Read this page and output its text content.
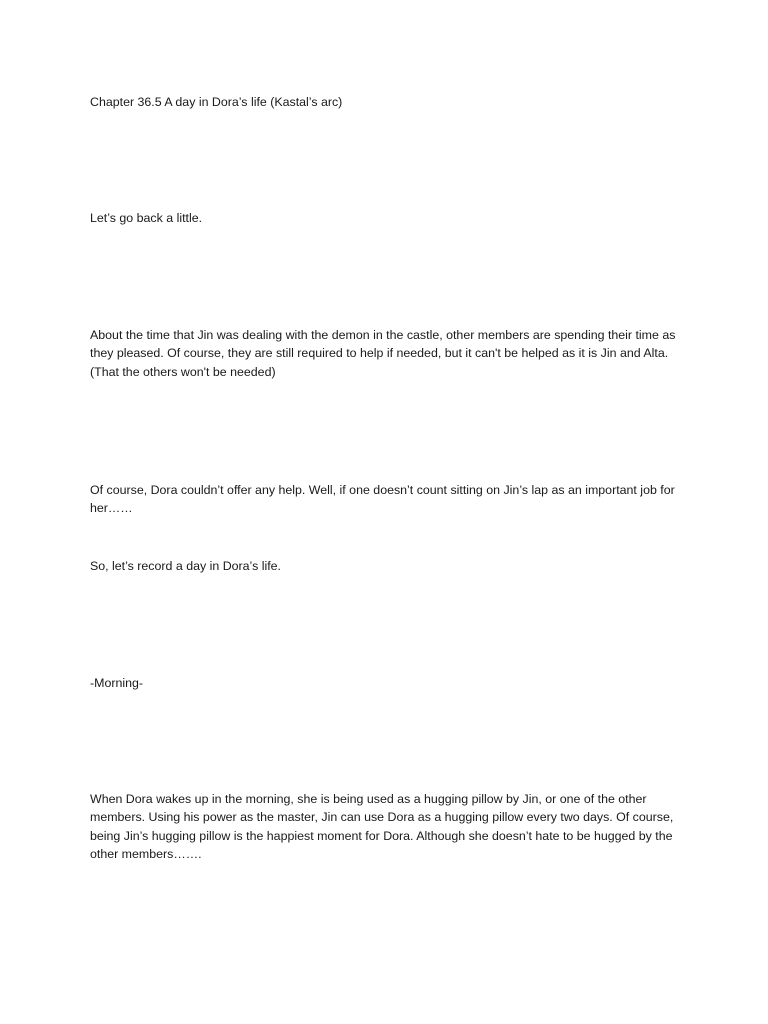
Chapter 36.5 A day in Dora’s life (Kastal’s arc)

Let’s go back a little.

About the time that Jin was dealing with the demon in the castle, other members are spending their time as they pleased. Of course, they are still required to help if needed, but it can't be helped as it is Jin and Alta. (That the others won't be needed)

Of course, Dora couldn’t offer any help. Well, if one doesn’t count sitting on Jin’s lap as an important job for her……

So, let’s record a day in Dora’s life.

-Morning-

When Dora wakes up in the morning, she is being used as a hugging pillow by Jin, or one of the other members. Using his power as the master, Jin can use Dora as a hugging pillow every two days. Of course, being Jin’s hugging pillow is the happiest moment for Dora. Although she doesn’t hate to be hugged by the other members…….
